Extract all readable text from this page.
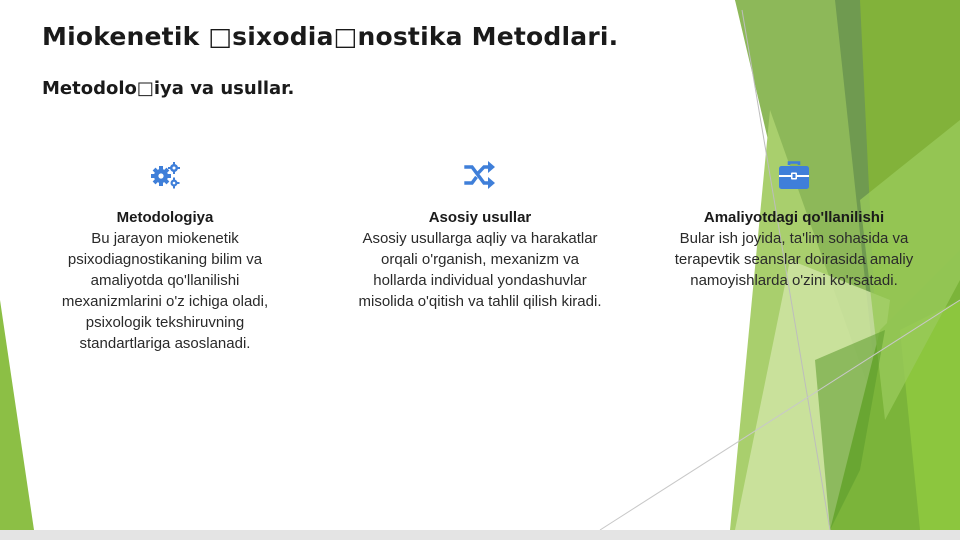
Miokenetik □sixodia□nostika Metodlari.
Metodolo□iya va usullar.
Metodologiya
Bu jarayon miokenetik psixodiagnostikaning bilim va amaliyotda qo'llanilishi mexanizmlarini o'z ichiga oladi, psixologik tekshiruvning standartlariga asoslanadi.
Asosiy usullar
Asosiy usullarga aqliy va harakatlar orqali o'rganish, mexanizm va hollarda individual yondashuvlar misolida o'qitish va tahlil qilish kiradi.
Amaliyotdagi qo'llanilishi
Bular ish joyida, ta'lim sohasida va terapevtik seanslar doirasida amaliy namoyishlarda o'zini ko'rsatadi.
